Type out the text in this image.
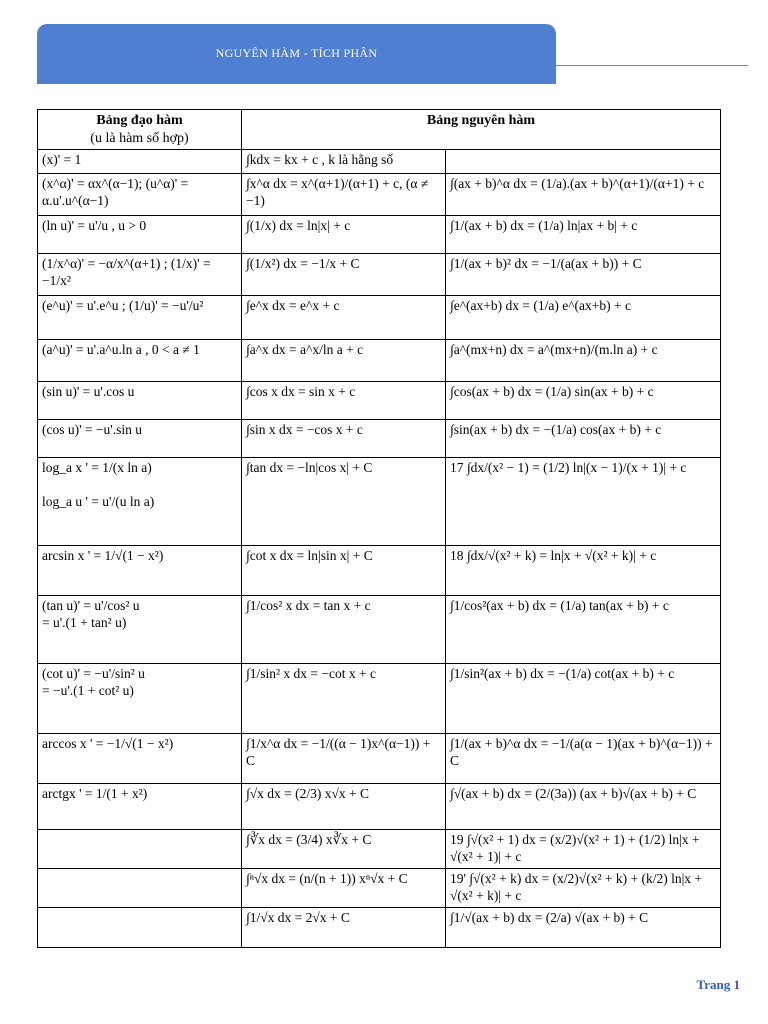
NGUYÊN HÀM - TÍCH PHÂN
Bảng đạo hàm
(u là hàm số hợp)	Bảng nguyên hàm	

(x)' = 1	∫kdx = kx + c , k là hằng số	

(x^α)' = αx^(α−1); (u^α)' = α.u'.u^(α−1)	∫x^α dx = x^(α+1)/(α+1) + c, (α ≠ −1)	∫(ax + b)^α dx = (1/a).(ax + b)^(α+1)/(α+1) + c

(ln u)' = u'/u , u > 0	∫(1/x) dx = ln|x| + c	∫1/(ax + b) dx = (1/a) ln|ax + b| + c

(1/x^α)' = −α/x^(α+1) ; (1/x)' = −1/x²	∫(1/x²) dx = −1/x + C	∫1/(ax + b)² dx = −1/(a(ax + b)) + C

(e^u)' = u'.e^u ; (1/u)' = −u'/u²	∫e^x dx = e^x + c	∫e^(ax+b) dx = (1/a) e^(ax+b) + c

(a^u)' = u'.a^u.ln a , 0 < a ≠ 1	∫a^x dx = a^x/ln a + c	∫a^(mx+n) dx = a^(mx+n)/(m.ln a) + c

(sin u)' = u'.cos u	∫cos x dx = sin x + c	∫cos(ax + b) dx = (1/a) sin(ax + b) + c

(cos u)' = −u'.sin u	∫sin x dx = −cos x + c	∫sin(ax + b) dx = −(1/a) cos(ax + b) + c

log_a x ' = 1/(x ln a)

log_a u ' = u'/(u ln a)	∫tan dx = −ln|cos x| + C	17 ∫dx/(x² − 1) = (1/2) ln|(x − 1)/(x + 1)| + c

arcsin x ' = 1/√(1 − x²)	∫cot x dx = ln|sin x| + C	18 ∫dx/√(x² + k) = ln|x + √(x² + k)| + c

(tan u)' = u'/cos² u
= u'.(1 + tan² u)	∫1/cos² x dx = tan x + c	∫1/cos²(ax + b) dx = (1/a) tan(ax + b) + c

(cot u)' = −u'/sin² u
= −u'.(1 + cot² u)	∫1/sin² x dx = −cot x + c	∫1/sin²(ax + b) dx = −(1/a) cot(ax + b) + c

arccos x ' = −1/√(1 − x²)	∫1/x^α dx = −1/((α − 1)x^(α−1)) + C	∫1/(ax + b)^α dx = −1/(a(α − 1)(ax + b)^(α−1)) + C

arctgx ' = 1/(1 + x²)	∫√x dx = (2/3) x√x + C	∫√(ax + b) dx = (2/(3a)) (ax + b)√(ax + b) + C

	∫∛x dx = (3/4) x∛x + C	19 ∫√(x² + 1) dx = (x/2)√(x² + 1) + (1/2) ln|x + √(x² + 1)| + c

	∫ⁿ√x dx = (n/(n + 1)) xⁿ√x + C	19' ∫√(x² + k) dx = (x/2)√(x² + k) + (k/2) ln|x + √(x² + k)| + c

	∫1/√x dx = 2√x + C	∫1/√(ax + b) dx = (2/a) √(ax + b) + C
Trang 1
